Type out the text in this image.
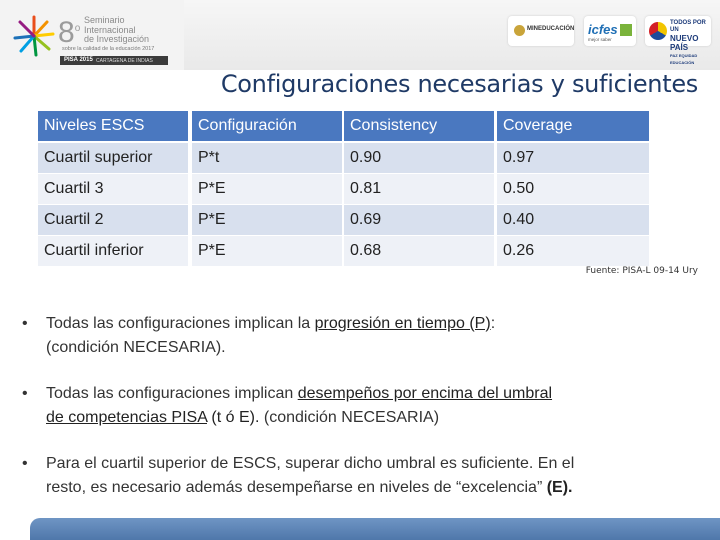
8$^o$
Seminario
Internacional
de Investigación
sobre la calidad de la educación 2017
PISA 2015 CARTAGENA DE INDIAS
MINEDUCACIÓN icfes
mejor saber
TODOS POR UN
NUEVO PAÍS
PAZ EQUIDAD EDUCACIÓN
Configuraciones necesarias y suficientes
Niveles ESCS	Configuración	Consistency	Coverage
Cuartil superior	P*t	0.90	0.97
Cuartil 3	P*E	0.81	0.50
Cuartil 2	P*E	0.69	0.40
Cuartil inferior	P*E	0.68	0.26
Fuente: PISA-L 09-14 Ury
• Todas las configuraciones implican la progresión en tiempo (P):
(condición NECESARIA).
• Todas las configuraciones implican desempeños por encima del umbral
de competencias PISA (t ó E). (condición NECESARIA)
• Para el cuartil superior de ESCS, superar dicho umbral es suficiente. En el
resto, es necesario además desempeñarse en niveles de “excelencia” (E).
